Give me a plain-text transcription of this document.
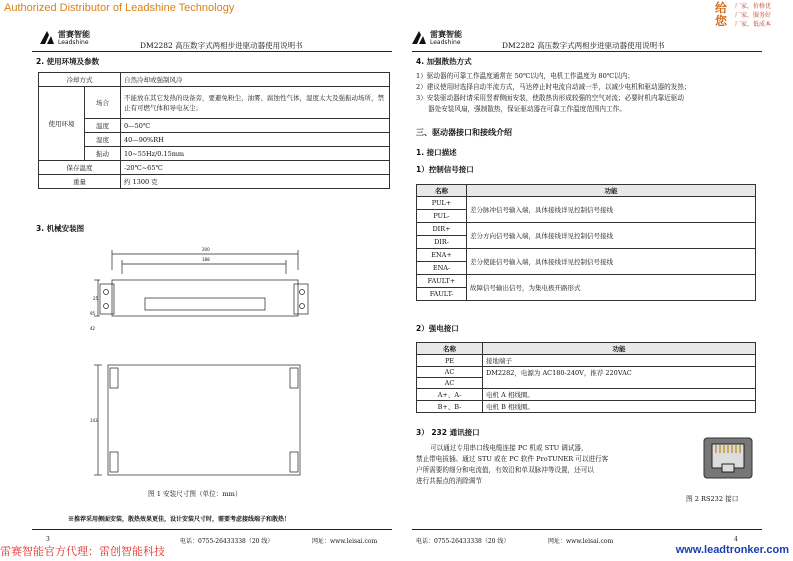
Authorized Distributor of Leadshine Technology	给 您
厂家，价格优
厂家，服务好
厂家，低成本
雷赛智能
Leadshine	DM2282 高压数字式两相步进驱动器使用说明书
2. 使用环境及参数
冷却方式		自然冷却或强制风冷
使用环境	场合	不能放在其它发热的设备旁，要避免粉尘、油雾、腐蚀性气体，湿度太大及强振动场所，禁止有可燃气体和导电灰尘；
	温度	0—50℃
	湿度	40—90%RH
	振动	10~55Hz/0.15mm
保存温度		-20℃~65℃
重量		约 1300 克
3. 机械安装图
200
188
25
95
42
143
图 1 安装尺寸图（单位：mm）
※推荐采用侧面安装，散热效果更佳，设计安装尺寸时，需要考虑接线端子和散热！
3	电话：0755-26433338（20 线）	网址：www.leisai.com
雷赛智能
Leadshine	DM2282 高压数字式两相步进驱动器使用说明书
4. 加强散热方式
1）驱动器的可靠工作温度通常在 50℃以内，电机工作温度为 80℃以内；
2）建议使用时选择自动半流方式，马达停止时电流自动减一半，以减少电机和驱动器的发热；
3）安装驱动器时请采用竖着侧面安装，使散热齿形成较强的空气对流；必要时机内靠近驱动
器处安装风扇，强制散热，保证驱动器在可靠工作温度范围内工作。
三、驱动器接口和接线介绍
1. 接口描述
1）控制信号接口
名称	功能
PUL+	差分脉冲信号输入端，具体接线详见控制信号接线
PUL-	
DIR+	差分方向信号输入端，具体接线详见控制信号接线
DIR-	
ENA+	差分使能信号输入端，具体接线详见控制信号接线
ENA-	
FAULT+	故障信号输出信号，为集电极开路形式
FAULT-	
2）强电接口
名称	功能
PE	接地端子
AC	DM2282，电源为 AC180-240V，推荐 220VAC
AC	
A+、A-	电机 A 相线圈。
B+、B-	电机 B 相线圈。
3） 232 通讯接口
可以通过专用串口线电缆连接 PC 机或 STU 调试器，
禁止带电拔插。通过 STU 或在 PC 软件 ProTUNER 可以进行客
户所需要的细分和电流值，有效沿和单双脉冲等设置，还可以
进行共振点的消除调节
图 2 RS232 接口
电话：0755-26433338（20 线）	网址：www.leisai.com	4
雷赛智能官方代理：雷创智能科技	www.leadtronker.com
